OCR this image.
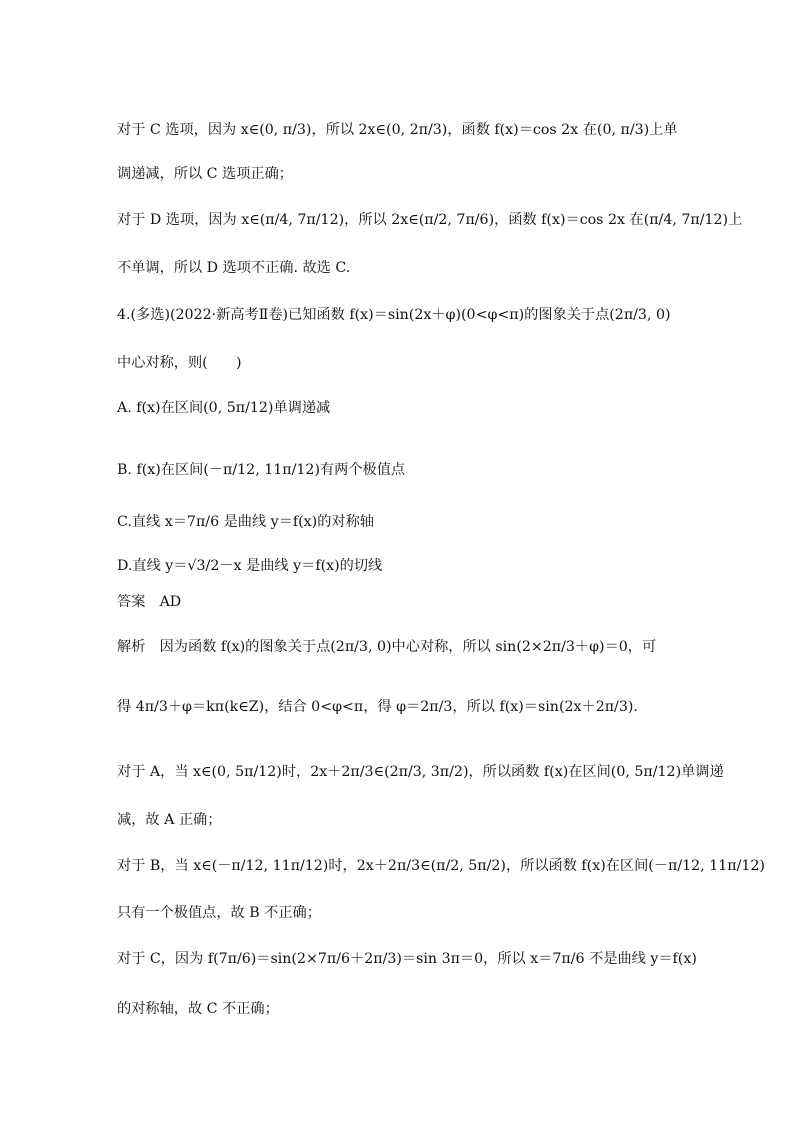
对于 C 选项，因为 x∈(0, π/3)，所以 2x∈(0, 2π/3)，函数 f(x)＝cos 2x 在(0, π/3)上单
调递减，所以 C 选项正确；
对于 D 选项，因为 x∈(π/4, 7π/12)，所以 2x∈(π/2, 7π/6)，函数 f(x)＝cos 2x 在(π/4, 7π/12)上
不单调，所以 D 选项不正确. 故选 C.
4.(多选)(2022·新高考Ⅱ卷)已知函数 f(x)＝sin(2x＋φ)(0<φ<π)的图象关于点(2π/3, 0)
中心对称，则(　　)
A. f(x)在区间(0, 5π/12)单调递减
B. f(x)在区间(－π/12, 11π/12)有两个极值点
C.直线 x＝7π/6 是曲线 y＝f(x)的对称轴
D.直线 y＝√3/2－x 是曲线 y＝f(x)的切线
答案　AD
解析　因为函数 f(x)的图象关于点(2π/3, 0)中心对称，所以 sin(2×2π/3＋φ)＝0，可
得 4π/3＋φ＝kπ(k∈Z)，结合 0<φ<π，得 φ＝2π/3，所以 f(x)＝sin(2x＋2π/3).
对于 A，当 x∈(0, 5π/12)时，2x＋2π/3∈(2π/3, 3π/2)，所以函数 f(x)在区间(0, 5π/12)单调递
减，故 A 正确；
对于 B，当 x∈(－π/12, 11π/12)时，2x＋2π/3∈(π/2, 5π/2)，所以函数 f(x)在区间(－π/12, 11π/12)
只有一个极值点，故 B 不正确；
对于 C，因为 f(7π/6)＝sin(2×7π/6＋2π/3)＝sin 3π＝0，所以 x＝7π/6 不是曲线 y＝f(x)
的对称轴，故 C 不正确；
